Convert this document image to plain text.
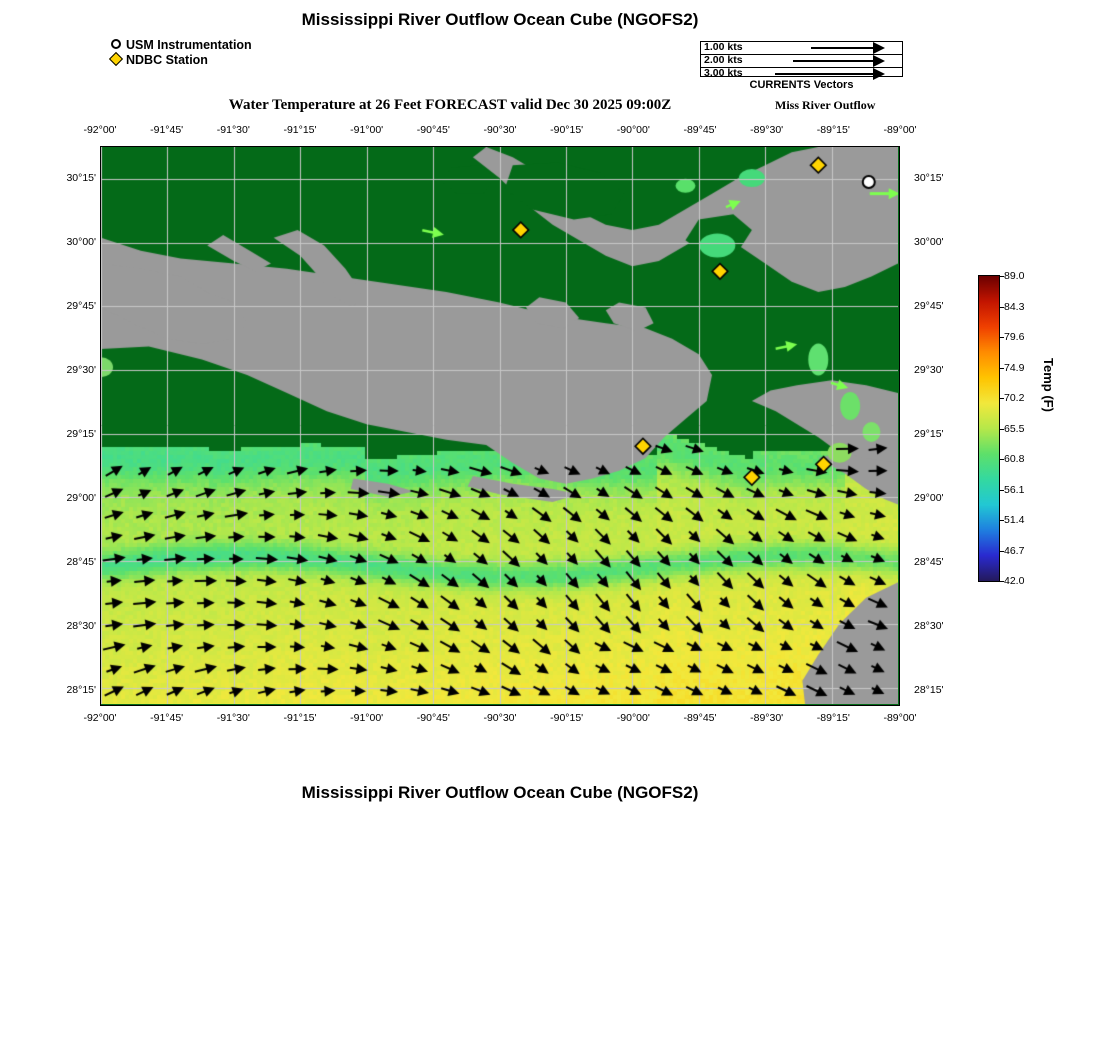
Mississippi River Outflow Ocean Cube (NGOFS2)
Water Temperature at 26 Feet FORECAST valid Dec 30 2025 09:00Z	Miss River Outflow
Mississippi River Outflow Ocean Cube (NGOFS2)
USM Instrumentation
NDBC Station
1.00 kts
2.00 kts
3.00 kts
CURRENTS Vectors
-92°00'	-91°45'	-91°30'	-91°15'	-91°00'	-90°45'	-90°30'	-90°15'	-90°00'	-89°45'	-89°30'	-89°15'	-89°00'
-92°00'	-91°45'	-91°30'	-91°15'	-91°00'	-90°45'	-90°30'	-90°15'	-90°00'	-89°45'	-89°30'	-89°15'	-89°00'
30°15'
30°00'
29°45'
29°30'
29°15'
29°00'
28°45'
28°30'
28°15'
30°15'
30°00'
29°45'
29°30'
29°15'
29°00'
28°45'
28°30'
28°15'
89.0
84.3
79.6
74.9
70.2
65.5
60.8
56.1
51.4
46.7
42.0
Temp (F)
